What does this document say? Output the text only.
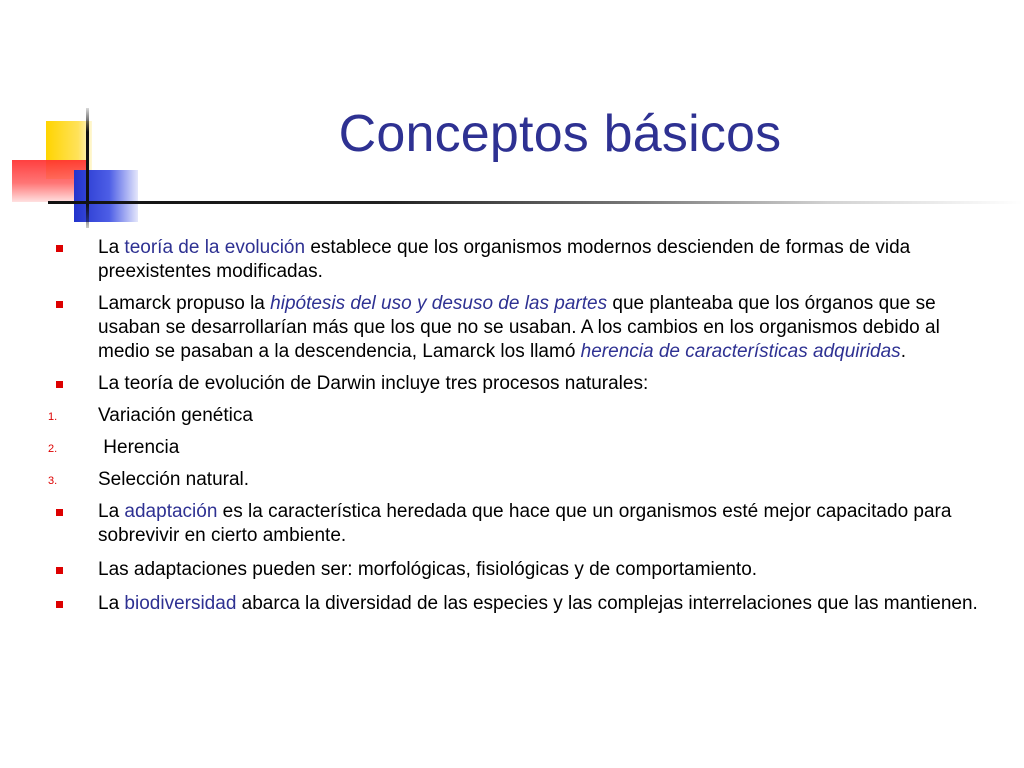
Conceptos básicos
La teoría de la evolución establece que los organismos modernos descienden de formas de vida preexistentes modificadas.
Lamarck propuso la hipótesis del uso y desuso de las partes que planteaba que los órganos que se usaban se desarrollarían más que los que no se usaban. A los cambios en los organismos debido al medio se pasaban a la descendencia, Lamarck los llamó herencia de características adquiridas.
La teoría de evolución de Darwin incluye tres procesos naturales:
1.	Variación genética
2.	Herencia
3.	Selección natural.
La adaptación es la característica heredada que hace que un organismos esté mejor capacitado para sobrevivir en cierto ambiente.
Las adaptaciones pueden ser: morfológicas, fisiológicas y de comportamiento.
La biodiversidad abarca la diversidad de las especies y las complejas interrelaciones que las mantienen.
